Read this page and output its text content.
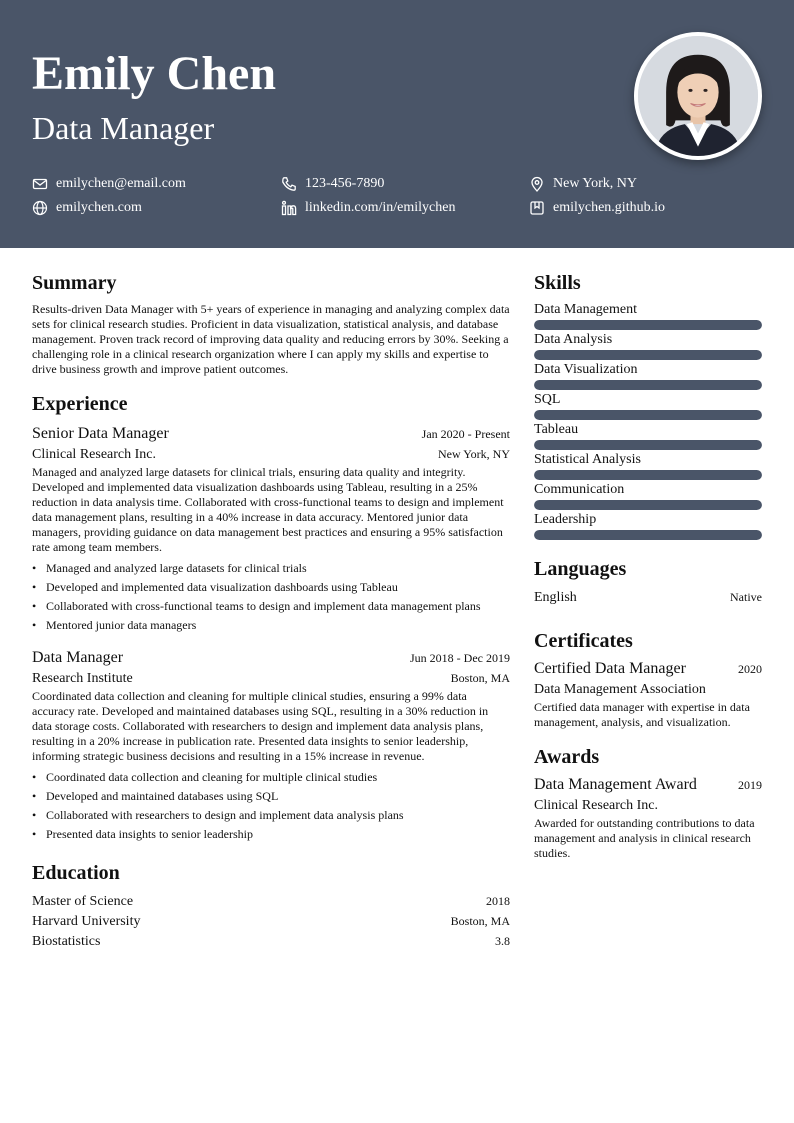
Emily Chen
Data Manager
emilychen@email.com	123-456-7890	New York, NY
emilychen.com	linkedin.com/in/emilychen	emilychen.github.io
Summary
Results-driven Data Manager with 5+ years of experience in managing and analyzing complex data sets for clinical research studies. Proficient in data visualization, statistical analysis, and database management. Proven track record of improving data quality and reducing errors by 30%. Seeking a challenging role in a clinical research organization where I can apply my skills and expertise to drive business growth and improve patient outcomes.
Experience
Senior Data Manager	Jan 2020 - Present
Clinical Research Inc.	New York, NY
Managed and analyzed large datasets for clinical trials, ensuring data quality and integrity. Developed and implemented data visualization dashboards using Tableau, resulting in a 25% reduction in data analysis time. Collaborated with cross-functional teams to design and implement data management plans, resulting in a 40% increase in data accuracy. Mentored junior data managers, providing guidance on data management best practices and ensuring a 95% satisfaction rate among team members.
• Managed and analyzed large datasets for clinical trials
• Developed and implemented data visualization dashboards using Tableau
• Collaborated with cross-functional teams to design and implement data management plans
• Mentored junior data managers
Data Manager	Jun 2018 - Dec 2019
Research Institute	Boston, MA
Coordinated data collection and cleaning for multiple clinical studies, ensuring a 99% data accuracy rate. Developed and maintained databases using SQL, resulting in a 30% reduction in data storage costs. Collaborated with researchers to design and implement data analysis plans, resulting in a 20% increase in publication rate. Presented data insights to senior leadership, informing strategic business decisions and resulting in a 15% increase in revenue.
• Coordinated data collection and cleaning for multiple clinical studies
• Developed and maintained databases using SQL
• Collaborated with researchers to design and implement data analysis plans
• Presented data insights to senior leadership
Education
Master of Science	2018
Harvard University	Boston, MA
Biostatistics	3.8
Skills
Data Management
Data Analysis
Data Visualization
SQL
Tableau
Statistical Analysis
Communication
Leadership
Languages
English	Native
Certificates
Certified Data Manager	2020
Data Management Association
Certified data manager with expertise in data management, analysis, and visualization.
Awards
Data Management Award	2019
Clinical Research Inc.
Awarded for outstanding contributions to data management and analysis in clinical research studies.
